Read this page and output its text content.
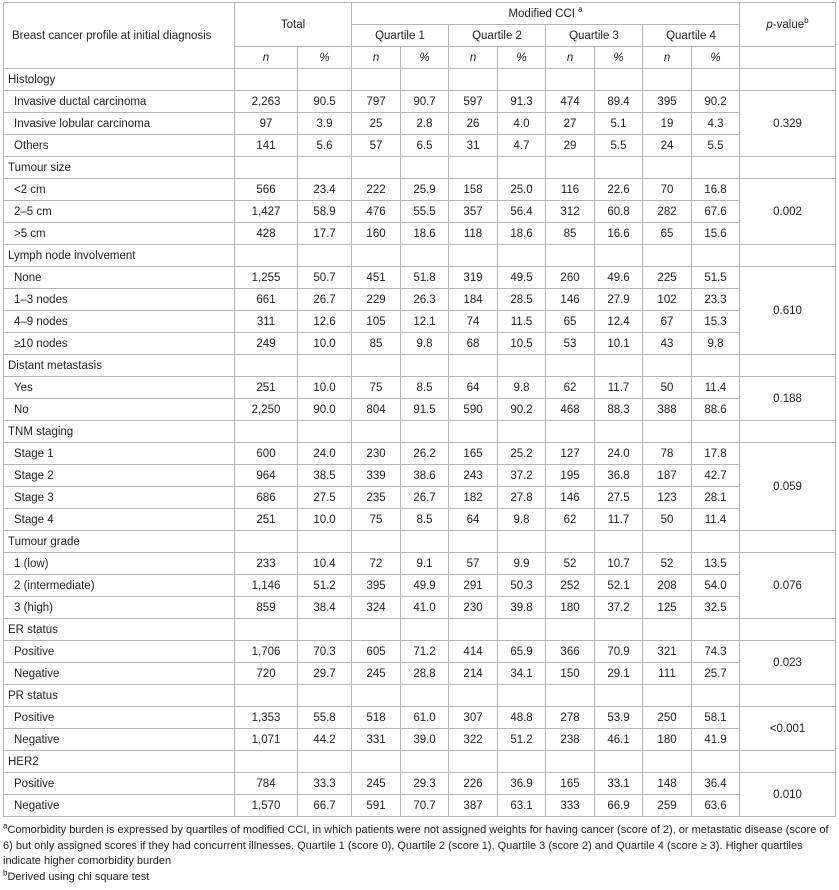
Breast cancer profile at initial diagnosis	Total		Modified CCI $^a$								p-value$^b$
			Quartile 1		Quartile 2		Quartile 3		Quartile 4		
	n	%	n	%	n	%	n	%	n	%	
Histology											
Invasive ductal carcinoma	2,263	90.5	797	90.7	597	91.3	474	89.4	395	90.2	0.329
Invasive lobular carcinoma	97	3.9	25	2.8	26	4.0	27	5.1	19	4.3	
Others	141	5.6	57	6.5	31	4.7	29	5.5	24	5.5	
Tumour size											
<2 cm	566	23.4	222	25.9	158	25.0	116	22.6	70	16.8	0.002
2–5 cm	1,427	58.9	476	55.5	357	56.4	312	60.8	282	67.6	
>5 cm	428	17.7	160	18.6	118	18.6	85	16.6	65	15.6	
Lymph node involvement											
None	1,255	50.7	451	51.8	319	49.5	260	49.6	225	51.5	0.610
1–3 nodes	661	26.7	229	26.3	184	28.5	146	27.9	102	23.3	
4–9 nodes	311	12.6	105	12.1	74	11.5	65	12.4	67	15.3	
≥10 nodes	249	10.0	85	9.8	68	10.5	53	10.1	43	9.8	
Distant metastasis											
Yes	251	10.0	75	8.5	64	9.8	62	11.7	50	11.4	0.188
No	2,250	90.0	804	91.5	590	90.2	468	88.3	388	88.6	
TNM staging											
Stage 1	600	24.0	230	26.2	165	25.2	127	24.0	78	17.8	0.059
Stage 2	964	38.5	339	38.6	243	37.2	195	36.8	187	42.7	
Stage 3	686	27.5	235	26.7	182	27.8	146	27.5	123	28.1	
Stage 4	251	10.0	75	8.5	64	9.8	62	11.7	50	11.4	
Tumour grade											
1 (low)	233	10.4	72	9.1	57	9.9	52	10.7	52	13.5	0.076
2 (intermediate)	1,146	51.2	395	49.9	291	50.3	252	52.1	208	54.0	
3 (high)	859	38.4	324	41.0	230	39.8	180	37.2	125	32.5	
ER status											
Positive	1,706	70.3	605	71.2	414	65.9	366	70.9	321	74.3	0.023
Negative	720	29.7	245	28.8	214	34.1	150	29.1	111	25.7	
PR status											
Positive	1,353	55.8	518	61.0	307	48.8	278	53.9	250	58.1	<0.001
Negative	1,071	44.2	331	39.0	322	51.2	238	46.1	180	41.9	
HER2											
Positive	784	33.3	245	29.3	226	36.9	165	33.1	148	36.4	0.010
Negative	1,570	66.7	591	70.7	387	63.1	333	66.9	259	63.6	

$^a$Comorbidity burden is expressed by quartiles of modified CCI, in which patients were not assigned weights for having cancer (score of 2), or metastatic disease (score of 6) but only assigned scores if they had concurrent illnesses. Quartile 1 (score 0), Quartile 2 (score 1), Quartile 3 (score 2) and Quartile 4 (score ≥ 3). Higher quartiles indicate higher comorbidity burden

$^b$Derived using chi square test
